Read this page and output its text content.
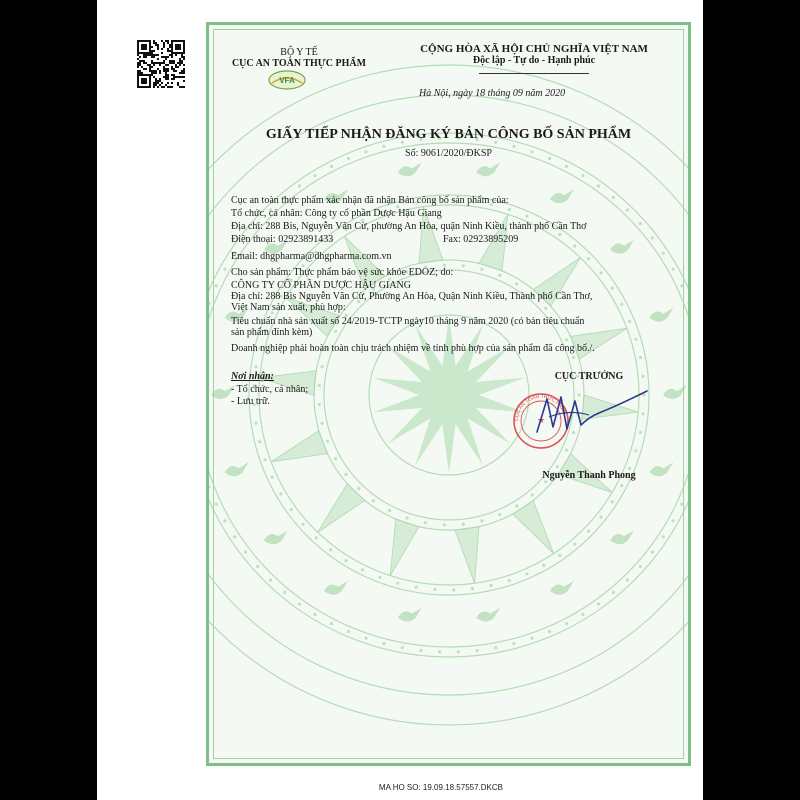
BỘ Y TẾ
CỤC AN TOÀN THỰC PHẨM
VFA
CỘNG HÒA XÃ HỘI CHỦ NGHĨA VIỆT NAM
Độc lập - Tự do - Hạnh phúc
Hà Nội, ngày 18 tháng 09 năm 2020
GIẤY TIẾP NHẬN ĐĂNG KÝ BẢN CÔNG BỐ SẢN PHẨM
Số: 9061/2020/ĐKSP
Cục an toàn thực phẩm xác nhận đã nhận Bản công bố sản phẩm của:
Tổ chức, cá nhân: Công ty cổ phần Dược Hậu Giang
Địa chỉ: 288 Bis, Nguyễn Văn Cừ, phường An Hòa, quận Ninh Kiều, thành phố Cần Thơ
Điện thoại: 02923891433	Fax: 02923895209
Email: dhgpharma@dhgpharma.com.vn
Cho sản phẩm: Thực phẩm bảo vệ sức khỏe EDOZ; do:
CÔNG TY CỔ PHẦN DƯỢC HẬU GIANG
Địa chỉ: 288 Bis Nguyễn Văn Cừ, Phường An Hòa, Quận Ninh Kiều, Thành phố Cần Thơ,
Việt Nam sản xuất, phù hợp:
Tiêu chuẩn nhà sản xuất số 24/2019-TCTP ngày10 tháng 9 năm 2020 (có bản tiêu chuẩn
sản phẩm đính kèm)
Doanh nghiệp phải hoàn toàn chịu trách nhiệm về tính phù hợp của sản phẩm đã công bố./.
Nơi nhận:
- Tổ chức, cá nhân;
- Lưu trữ.
CỤC TRƯỞNG
CỤC AN TOÀN THỰC PHẨM
★
Nguyễn Thanh Phong
MA HO SO: 19.09.18.57557.DKCB
